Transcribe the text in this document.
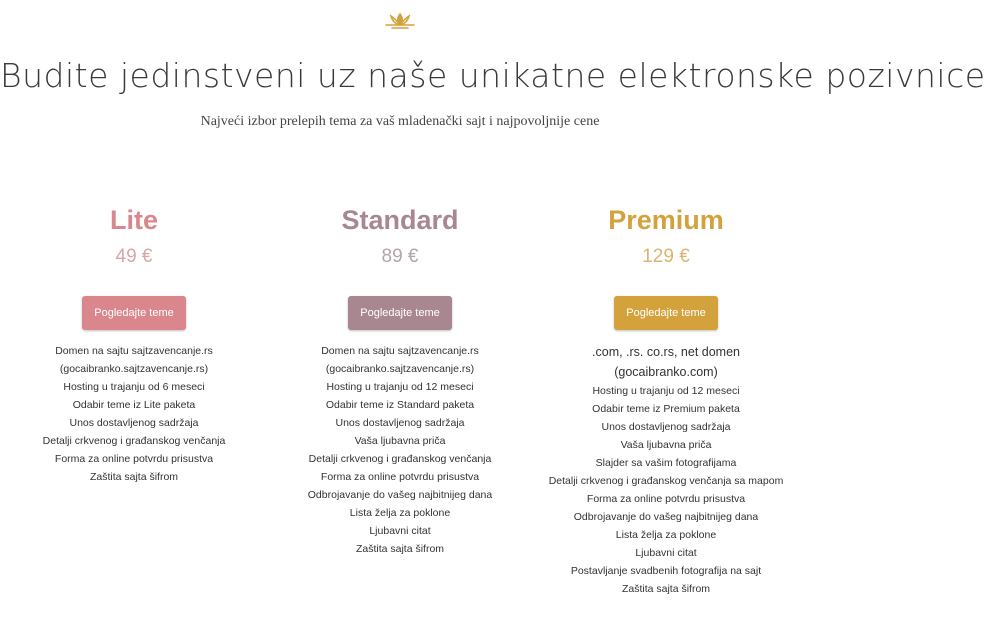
Budite jedinstveni uz naše unikatne elektronske pozivnice
Najveći izbor prelepih tema za vaš mladenački sajt i najpovoljnije cene
Lite
49 €
Pogledajte teme
Domen na sajtu sajtzavencanje.rs
(gocaibranko.sajtzavencanje.rs)
Hosting u trajanju od 6 meseci
Odabir teme iz Lite paketa
Unos dostavljenog sadržaja
Detalji crkvenog i građanskog venčanja
Forma za online potvrdu prisustva
Zaštita sajta šifrom
Standard
89 €
Pogledajte teme
Domen na sajtu sajtzavencanje.rs
(gocaibranko.sajtzavencanje.rs)
Hosting u trajanju od 12 meseci
Odabir teme iz Standard paketa
Unos dostavljenog sadržaja
Vaša ljubavna priča
Detalji crkvenog i građanskog venčanja
Forma za online potvrdu prisustva
Odbrojavanje do vašeg najbitnijeg dana
Lista želja za poklone
Ljubavni citat
Zaštita sajta šifrom
Premium
129 €
Pogledajte teme
.com, .rs. co.rs, net domen
(gocaibranko.com)
Hosting u trajanju od 12 meseci
Odabir teme iz Premium paketa
Unos dostavljenog sadržaja
Vaša ljubavna priča
Slajder sa vašim fotografijama
Detalji crkvenog i građanskog venčanja sa mapom
Forma za online potvrdu prisustva
Odbrojavanje do vašeg najbitnijeg dana
Lista želja za poklone
Ljubavni citat
Postavljanje svadbenih fotografija na sajt
Zaštita sajta šifrom
